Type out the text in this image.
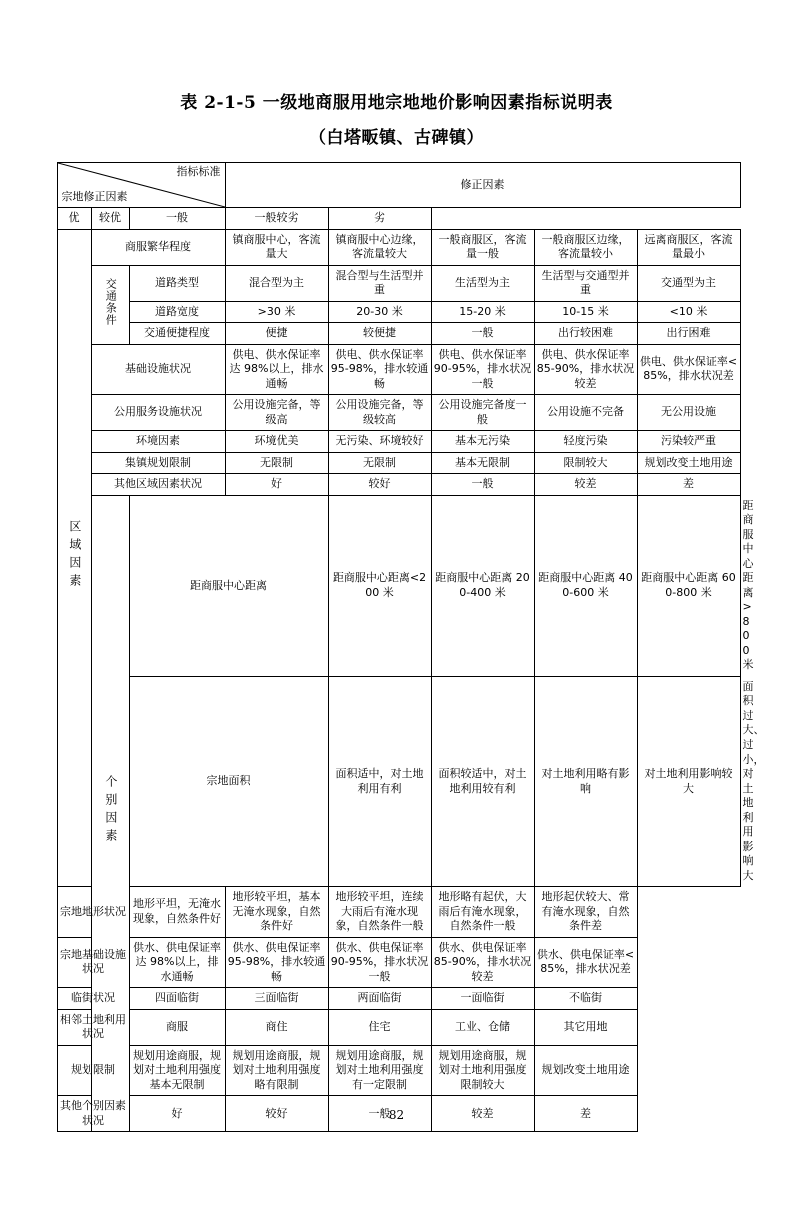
表 2-1-5 一级地商服用地宗地地价影响因素指标说明表
（白塔畈镇、古碑镇）
指标标准
宗地修正因素			修正因素					
优	较优	一般	一般较劣	劣				
区域因素	商服繁华程度		镇商服中心，客流量大	镇商服中心边缘，客流量较大	一般商服区，客流量一般	一般商服区边缘，客流量较小	远离商服区，客流量最小	
	交通条件	道路类型	混合型为主	混合型与生活型并重	生活型为主	生活型与交通型并重	交通型为主	
		道路宽度	>30 米	20-30 米	15-20 米	10-15 米	<10 米	
		交通便捷程度	便捷	较便捷	一般	出行较困难	出行困难	
	基础设施状况		供电、供水保证率达 98%以上，排水通畅	供电、供水保证率 95-98%，排水较通畅	供电、供水保证率 90-95%，排水状况一般	供电、供水保证率 85-90%，排水状况较差	供电、供水保证率<85%，排水状况差	
	公用服务设施状况		公用设施完备，等级高	公用设施完备，等级较高	公用设施完备度一般	公用设施不完备	无公用设施	
	环境因素		环境优美	无污染、环境较好	基本无污染	轻度污染	污染较严重	
	集镇规划限制		无限制	无限制	基本无限制	限制较大	规划改变土地用途	
	其他区域因素状况		好	较好	一般	较差	差	
	个别因素	距商服中心距离		距商服中心距离<200 米	距商服中心距离 200-400 米	距商服中心距离 400-600 米	距商服中心距离 600-800 米	距商服中心距离>800 米
		宗地面积		面积适中，对土地利用有利	面积较适中，对土地利用较有利	对土地利用略有影响	对土地利用影响较大	面积过大、过小，对土地利用影响大
宗地地形状况		地形平坦，无淹水现象，自然条件好	地形较平坦，基本无淹水现象，自然条件好	地形较平坦，连续大雨后有淹水现象，自然条件一般	地形略有起伏，大雨后有淹水现象，自然条件一般	地形起伏较大、常有淹水现象，自然条件差		
宗地基础设施状况		供水、供电保证率达 98%以上，排水通畅	供水、供电保证率 95-98%，排水较通畅	供水、供电保证率 90-95%，排水状况一般	供水、供电保证率 85-90%，排水状况较差	供水、供电保证率<85%，排水状况差		
临街状况		四面临街	三面临街	两面临街	一面临街	不临街		
相邻土地利用状况		商服	商住	住宅	工业、仓储	其它用地		
规划限制		规划用途商服，规划对土地利用强度基本无限制	规划用途商服，规划对土地利用强度略有限制	规划用途商服，规划对土地利用强度有一定限制	规划用途商服，规划对土地利用强度限制较大	规划改变土地用途		
其他个别因素状况		好	较好	一般	较差	差		
82
